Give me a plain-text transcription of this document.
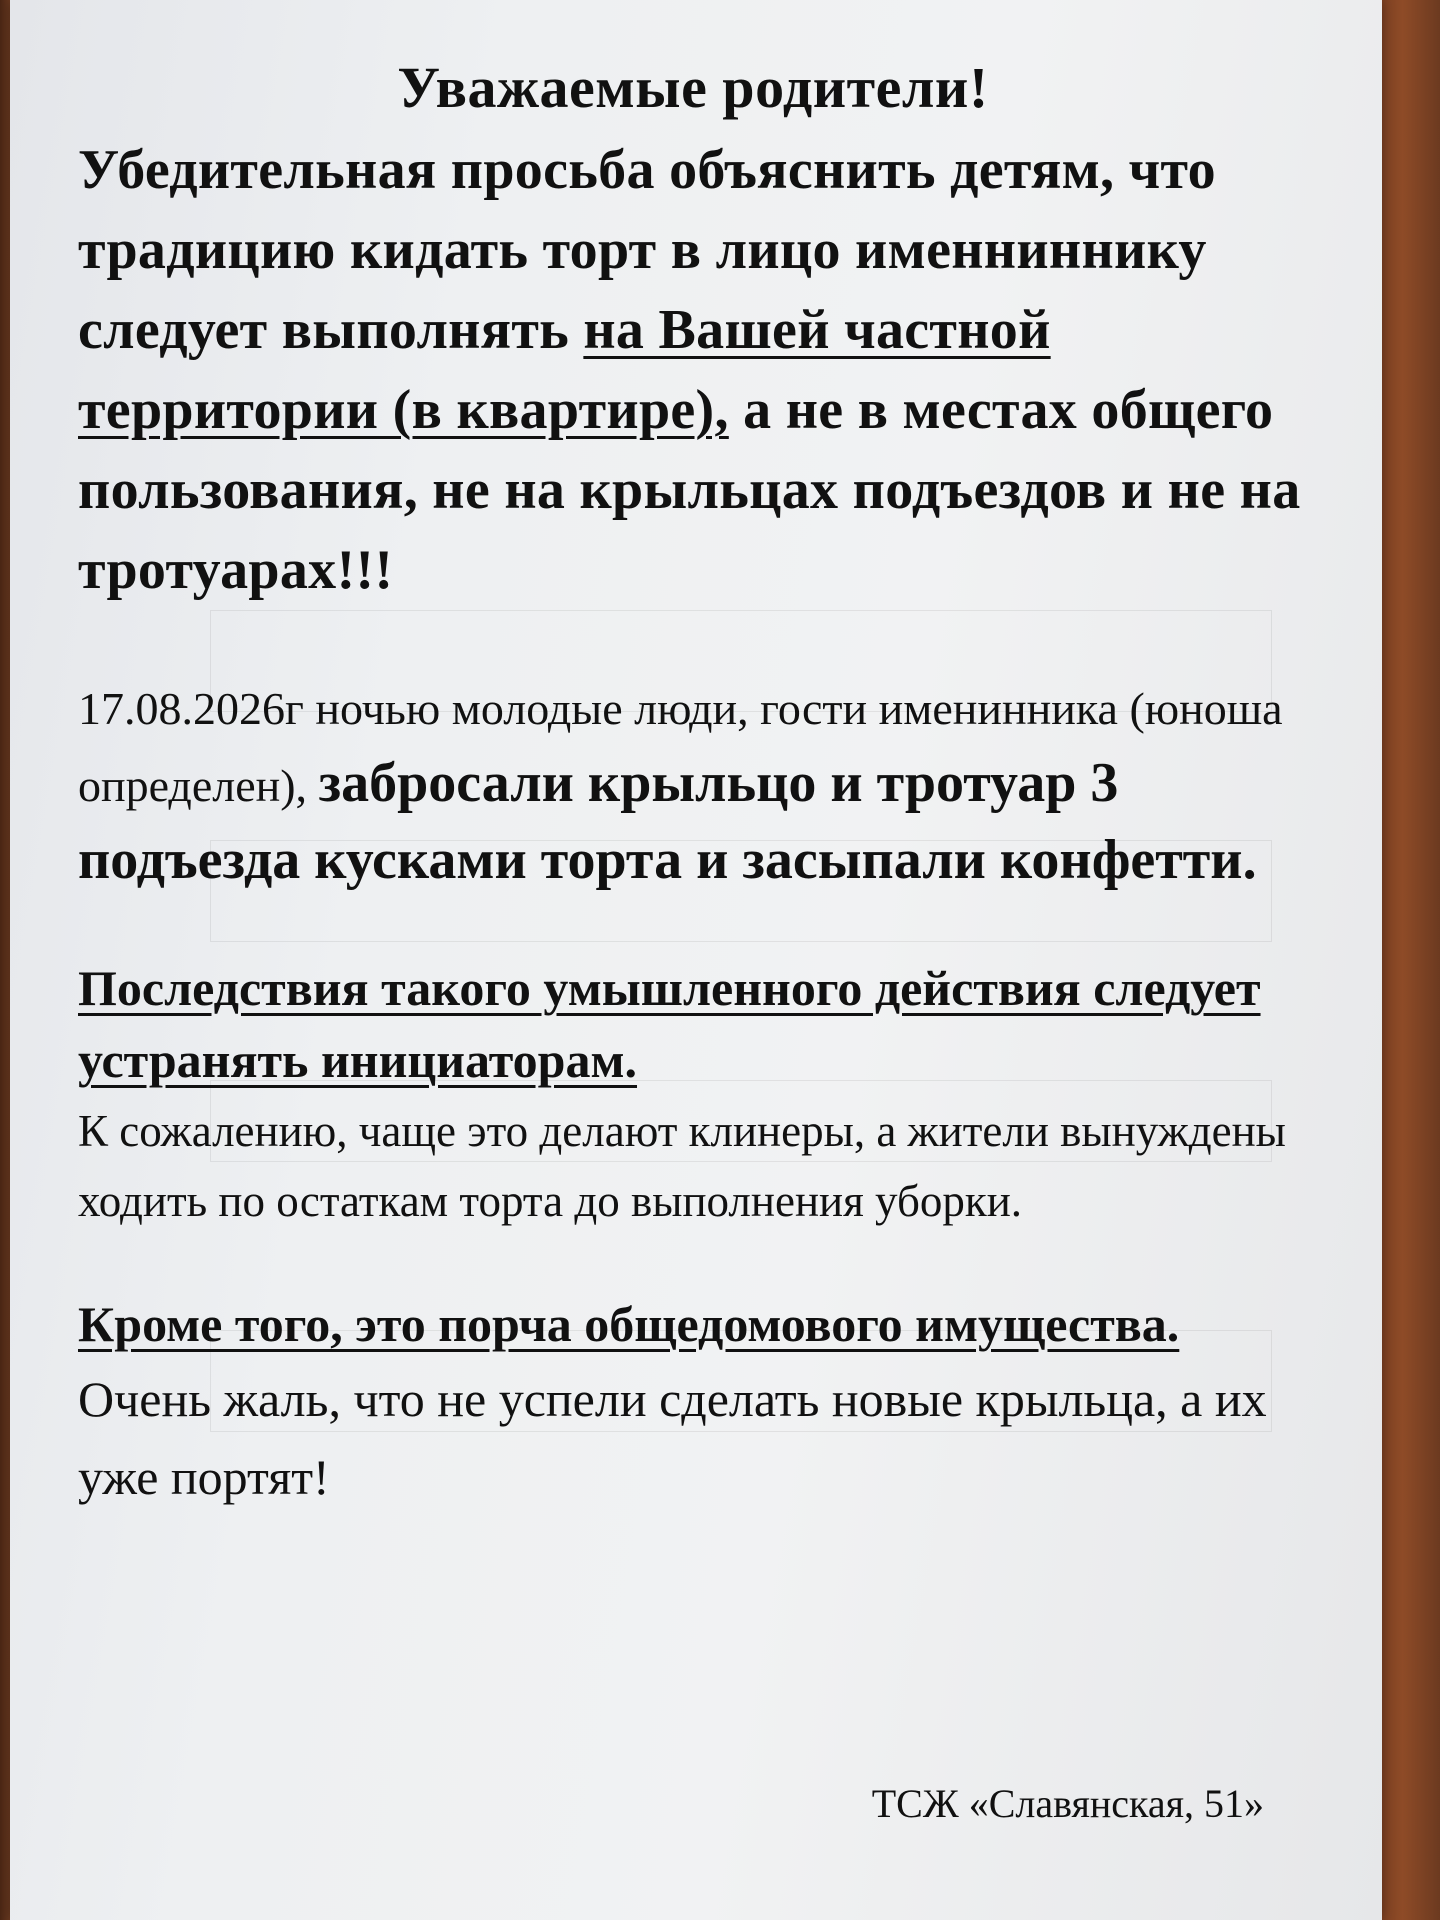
Уважаемые родители!

Убедительная просьба объяснить детям, что традицию кидать торт в лицо именниннику следует выполнять на Вашей частной территории (в квартире), а не в местах общего пользования, не на крыльцах подъездов и не на тротуарах!!!

17.08.2026г ночью молодые люди, гости именинника (юноша определен), забросали крыльцо и тротуар 3 подъезда кусками торта и засыпали конфетти.

Последствия такого умышленного действия следует устранять инициаторам.

К сожалению, чаще это делают клинеры, а жители вынуждены ходить по остаткам торта до выполнения уборки.

Кроме того, это порча общедомового имущества.

Очень жаль, что не успели сделать новые крыльца, а их уже портят!

ТСЖ «Славянская, 51»
